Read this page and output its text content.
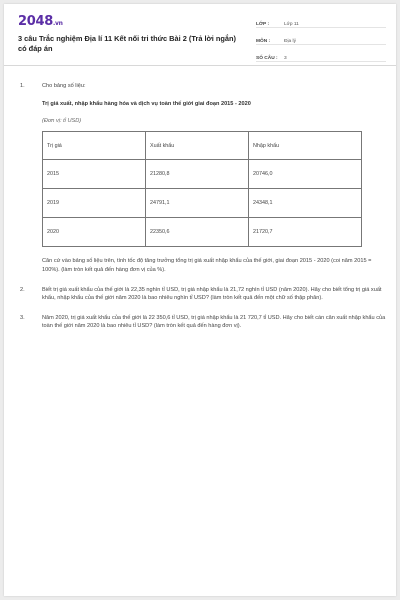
2048.vn
3 câu Trắc nghiệm Địa lí 11 Kết nối tri thức Bài 2 (Trả lời ngắn) có đáp án
LỚP :	Lớp 11
MÔN :	Địa lý
SỐ CÂU :	3
1.	Cho bảng số liệu:
Trị giá xuất, nhập khẩu hàng hóa và dịch vụ toàn thế giới giai đoạn 2015 - 2020
(Đơn vị: tỉ USD)
Trị giá	Xuất khẩu	Nhập khẩu
2015	21280,8	20746,0
2019	24791,1	24348,1
2020	22350,6	21720,7
Căn cứ vào bảng số liệu trên, tính tốc độ tăng trưởng tổng trị giá xuất nhập khẩu của thế giới, giai đoạn 2015 - 2020 (coi năm 2015 = 100%). (làm tròn kết quả đến hàng đơn vị của %).
2.	Biết trị giá xuất khẩu của thế giới là 22,35 nghìn tỉ USD, trị giá nhập khẩu là 21,72 nghìn tỉ USD (năm 2020). Hãy cho biết tổng trị giá xuất khẩu, nhập khẩu của thế giới năm 2020 là bao nhiêu nghìn tỉ USD? (làm tròn kết quả đến một chữ số thập phân).
3.	Năm 2020, trị giá xuất khẩu của thế giới là 22 350,6 tỉ USD, trị giá nhập khẩu là 21 720,7 tỉ USD. Hãy cho biết cán cân xuất nhập khẩu của toàn thế giới năm 2020 là bao nhiêu tỉ USD? (làm tròn kết quả đến hàng đơn vị).
